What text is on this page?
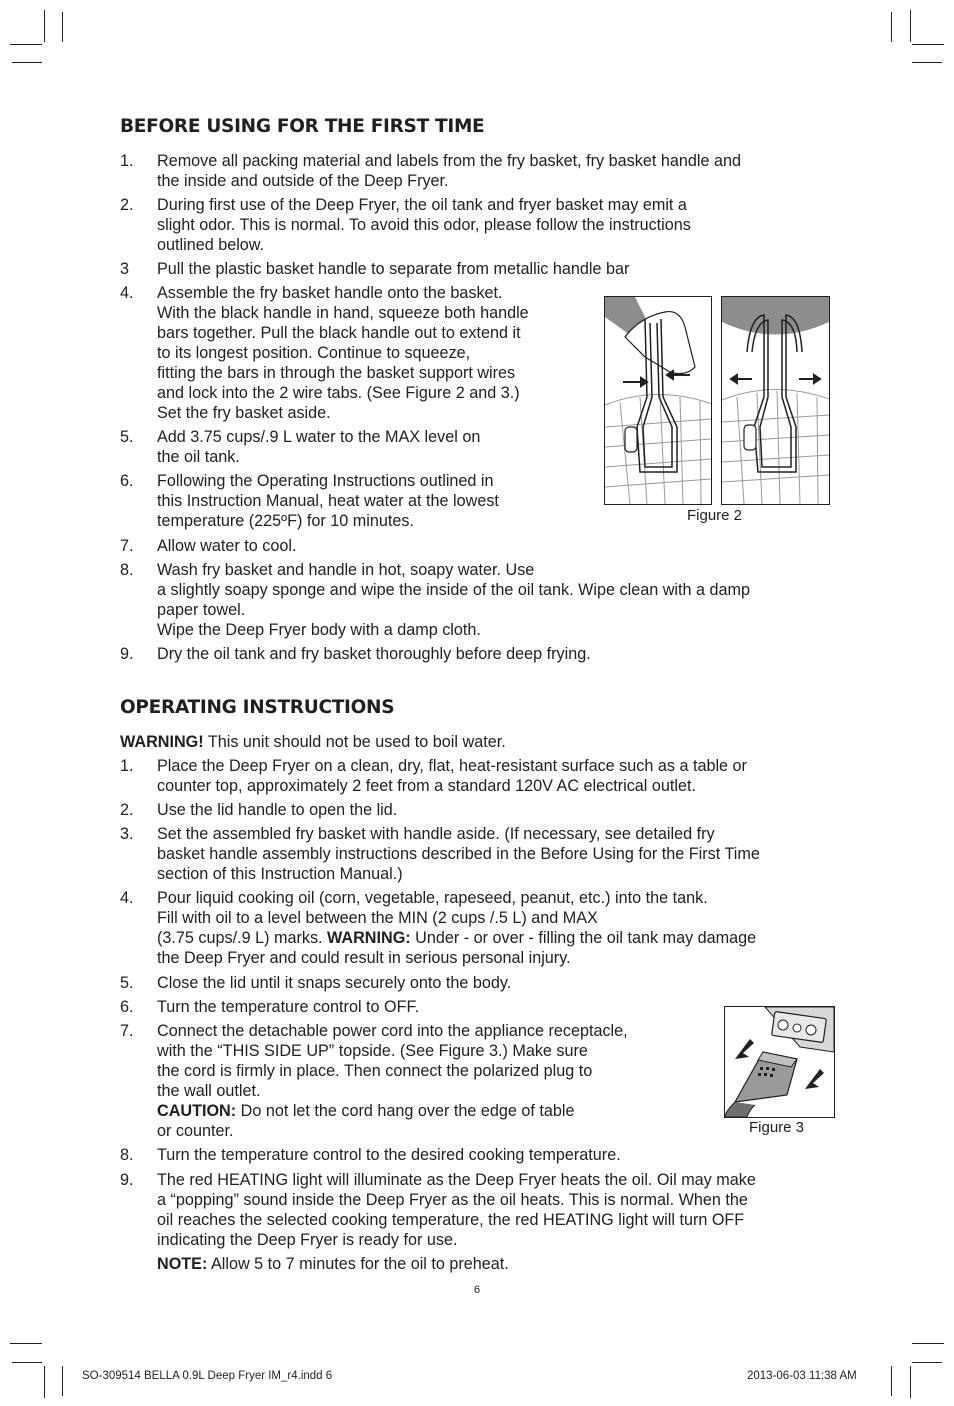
BEFORE USING FOR THE FIRST TIME
1. Remove all packing material and labels from the fry basket, fry basket handle and
the inside and outside of the Deep Fryer.
2. During first use of the Deep Fryer, the oil tank and fryer basket may emit a
slight odor. This is normal. To avoid this odor, please follow the instructions
outlined below.
3 Pull the plastic basket handle to separate from metallic handle bar
4. Assemble the fry basket handle onto the basket.
With the black handle in hand, squeeze both handle
bars together. Pull the black handle out to extend it
to its longest position. Continue to squeeze,
fitting the bars in through the basket support wires
and lock into the 2 wire tabs. (See Figure 2 and 3.)
Set the fry basket aside.
5. Add 3.75 cups/.9 L water to the MAX level on
the oil tank.
6. Following the Operating Instructions outlined in
this Instruction Manual, heat water at the lowest
temperature (225ºF) for 10 minutes.
7. Allow water to cool.
8. Wash fry basket and handle in hot, soapy water. Use
a slightly soapy sponge and wipe the inside of the oil tank. Wipe clean with a damp
paper towel.
Wipe the Deep Fryer body with a damp cloth.
9. Dry the oil tank and fry basket thoroughly before deep frying.
Figure 2
OPERATING INSTRUCTIONS
WARNING! This unit should not be used to boil water.
1. Place the Deep Fryer on a clean, dry, flat, heat-resistant surface such as a table or
counter top, approximately 2 feet from a standard 120V AC electrical outlet.
2. Use the lid handle to open the lid.
3. Set the assembled fry basket with handle aside. (If necessary, see detailed fry
basket handle assembly instructions described in the Before Using for the First Time
section of this Instruction Manual.)
4. Pour liquid cooking oil (corn, vegetable, rapeseed, peanut, etc.) into the tank.
Fill with oil to a level between the MIN (2 cups /.5 L) and MAX
(3.75 cups/.9 L) marks. WARNING: Under - or over - filling the oil tank may damage
the Deep Fryer and could result in serious personal injury.
5. Close the lid until it snaps securely onto the body.
6. Turn the temperature control to OFF.
7. Connect the detachable power cord into the appliance receptacle,
with the “THIS SIDE UP” topside. (See Figure 3.) Make sure
the cord is firmly in place. Then connect the polarized plug to
the wall outlet.
CAUTION: Do not let the cord hang over the edge of table
or counter.
8. Turn the temperature control to the desired cooking temperature.
9. The red HEATING light will illuminate as the Deep Fryer heats the oil. Oil may make
a “popping” sound inside the Deep Fryer as the oil heats. This is normal. When the
oil reaches the selected cooking temperature, the red HEATING light will turn OFF
indicating the Deep Fryer is ready for use.
NOTE: Allow 5 to 7 minutes for the oil to preheat.
Figure 3
6
SO-309514 BELLA 0.9L Deep Fryer IM_r4.indd 6	2013-06-03 11:38 AM
